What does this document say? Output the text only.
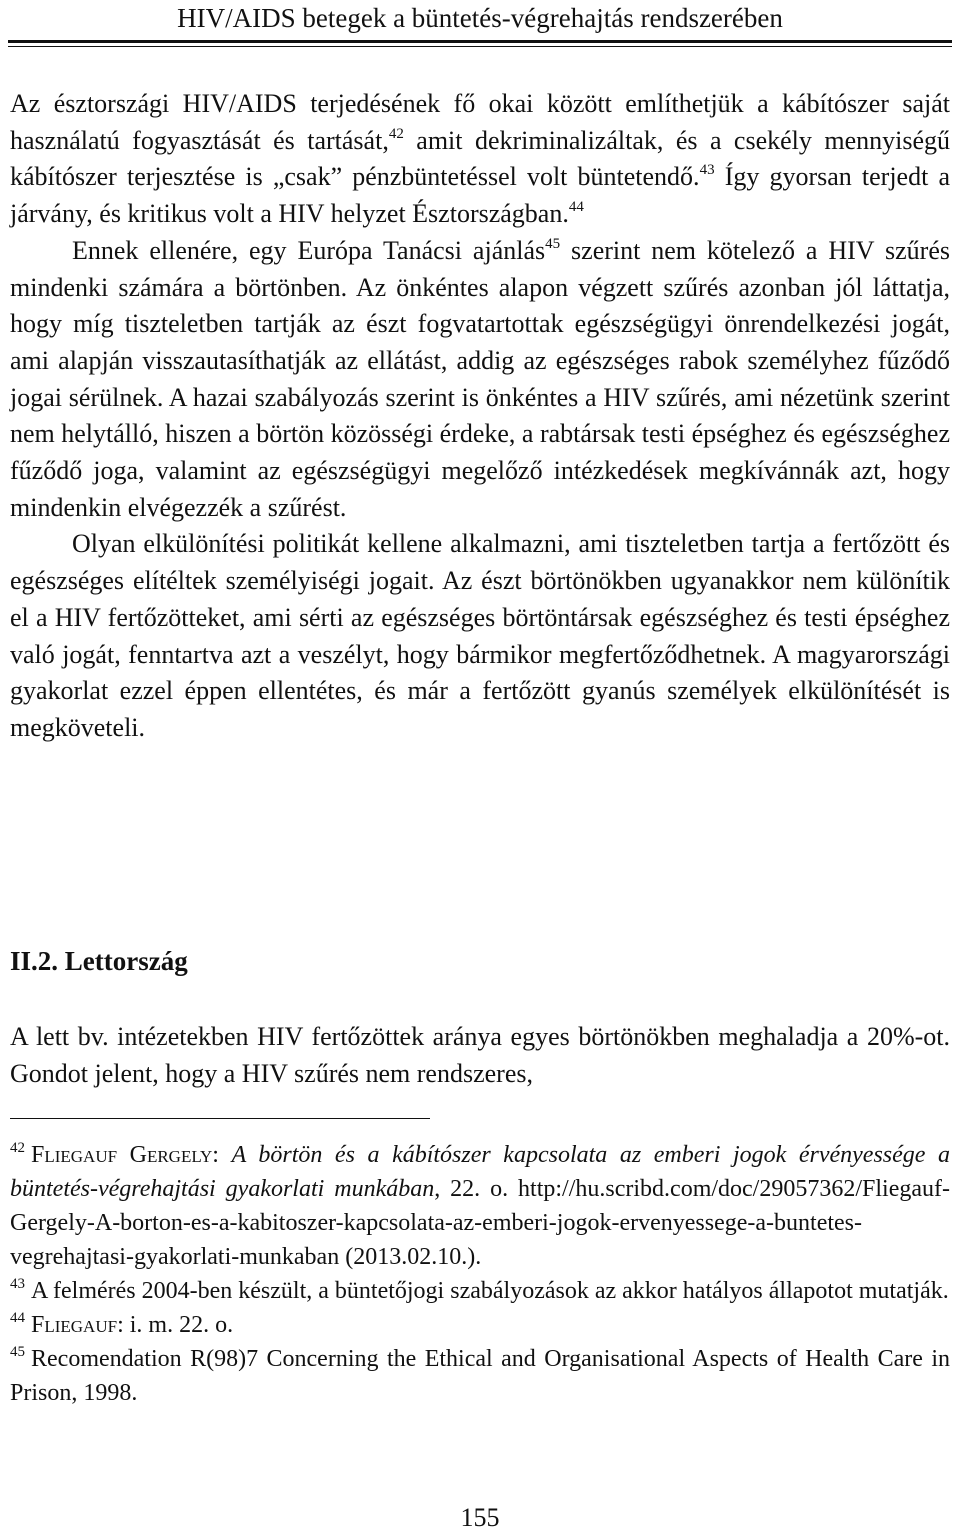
HIV/AIDS betegek a büntetés-végrehajtás rendszerében

Az észtországi HIV/AIDS terjedésének fő okai között említhetjük a kábítószer saját használatú fogyasztását és tartását,$^{42}$ amit dekriminalizáltak, és a csekély mennyiségű kábítószer terjesztése is „csak” pénzbüntetéssel volt büntetendő.$^{43}$ Így gyorsan terjedt a járvány, és kritikus volt a HIV helyzet Észtországban.$^{44}$

Ennek ellenére, egy Európa Tanácsi ajánlás$^{45}$ szerint nem kötelező a HIV szűrés mindenki számára a börtönben. Az önkéntes alapon végzett szűrés azonban jól láttatja, hogy míg tiszteletben tartják az észt fogvatartottak egészségügyi önrendelkezési jogát, ami alapján visszautasíthatják az ellátást, addig az egészséges rabok személyhez fűződő jogai sérülnek. A hazai szabályozás szerint is önkéntes a HIV szűrés, ami nézetünk szerint nem helytálló, hiszen a börtön közösségi érdeke, a rabtársak testi épséghez és egészséghez fűződő joga, valamint az egészségügyi megelőző intézkedések megkívánnák azt, hogy mindenkin elvégezzék a szűrést.

Olyan elkülönítési politikát kellene alkalmazni, ami tiszteletben tartja a fertőzött és egészséges elítéltek személyiségi jogait. Az észt börtönökben ugyanakkor nem különítik el a HIV fertőzötteket, ami sérti az egészséges börtöntársak egészséghez és testi épséghez való jogát, fenntartva azt a veszélyt, hogy bármikor megfertőződhetnek. A magyarországi gyakorlat ezzel éppen ellentétes, és már a fertőzött gyanús személyek elkülönítését is megköveteli.

II.2. Lettország

A lett bv. intézetekben HIV fertőzöttek aránya egyes börtönökben meghaladja a 20%-ot. Gondot jelent, hogy a HIV szűrés nem rendszeres,

$^{42}$ Fliegauf Gergely: A börtön és a kábítószer kapcsolata az emberi jogok érvényessége a büntetés-végrehajtási gyakorlati munkában, 22. o. http://hu.scribd.com/doc/29057362/Fliegauf-Gergely-A-borton-es-a-kabitoszer-kapcsolata-az-emberi-jogok-ervenyessege-a-buntetes-vegrehajtasi-gyakorlati-munkaban (2013.02.10.).

$^{43}$ A felmérés 2004-ben készült, a büntetőjogi szabályozások az akkor hatályos állapotot mutatják.

$^{44}$ Fliegauf: i. m. 22. o.

$^{45}$ Recomendation R(98)7 Concerning the Ethical and Organisational Aspects of Health Care in Prison, 1998.

155
